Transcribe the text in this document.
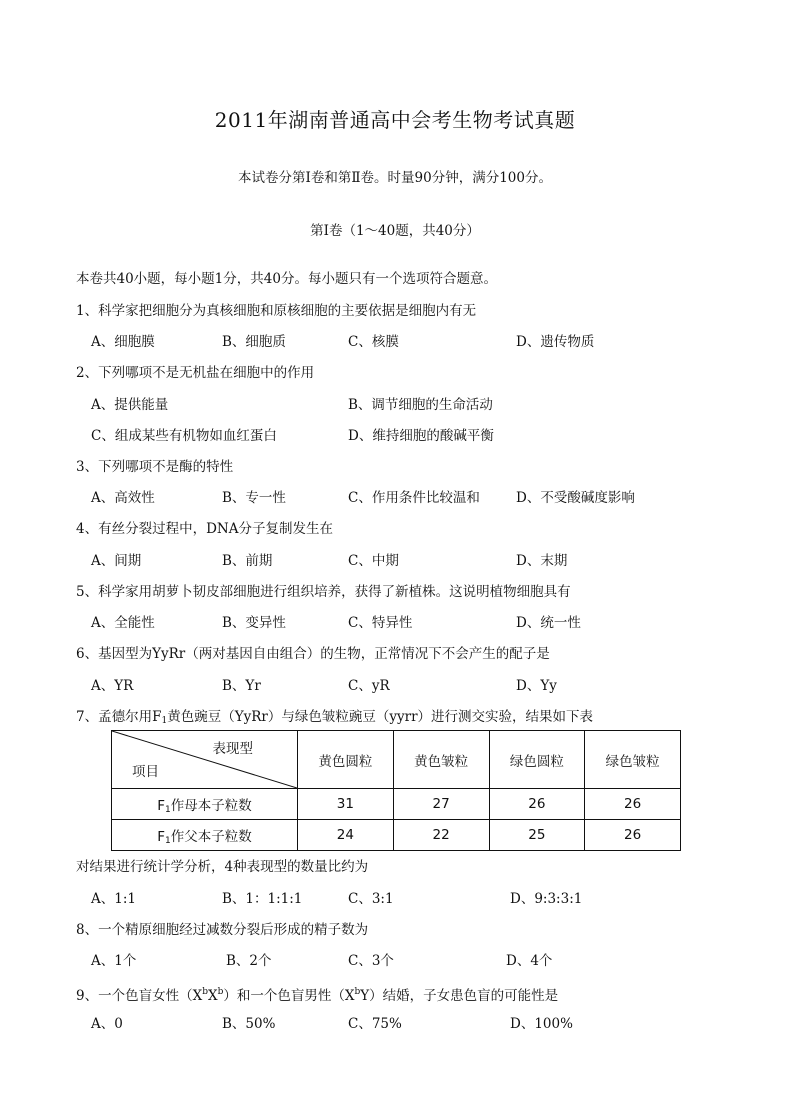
2011年湖南普通高中会考生物考试真题
本试卷分第Ⅰ卷和第Ⅱ卷。时量90分钟，满分100分。
第Ⅰ卷（1～40题，共40分）
本卷共40小题，每小题1分，共40分。每小题只有一个选项符合题意。
1、科学家把细胞分为真核细胞和原核细胞的主要依据是细胞内有无
A、细胞膜	B、细胞质	C、核膜	D、遗传物质
2、下列哪项不是无机盐在细胞中的作用
A、提供能量	B、调节细胞的生命活动
C、组成某些有机物如血红蛋白	D、维持细胞的酸碱平衡
3、下列哪项不是酶的特性
A、高效性	B、专一性	C、作用条件比较温和	D、不受酸碱度影响
4、有丝分裂过程中，DNA分子复制发生在
A、间期	B、前期	C、中期	D、末期
5、科学家用胡萝卜韧皮部细胞进行组织培养，获得了新植株。这说明植物细胞具有
A、全能性	B、变异性	C、特异性	D、统一性
6、基因型为YyRr（两对基因自由组合）的生物，正常情况下不会产生的配子是
A、YR	B、Yr	C、yR	D、Yy
7、孟德尔用$F_1$黄色豌豆（YyRr）与绿色皱粒豌豆（yyrr）进行测交实验，结果如下表
表现型
项目	黄色圆粒	黄色皱粒	绿色圆粒	绿色皱粒
$F_1$作母本子粒数	31	27	26	26
$F_1$作父本子粒数	24	22	25	26
对结果进行统计学分析，4种表现型的数量比约为
A、1:1	B、1：1:1:1	C、3:1	D、9:3:3:1
8、一个精原细胞经过减数分裂后形成的精子数为
A、1个	B、2个	C、3个	D、4个
9、一个色盲女性$(X^bX^b)$和一个色盲男性$(X^bY)$结婚，子女患色盲的可能性是
A、0	B、50%	C、75%	D、100%
